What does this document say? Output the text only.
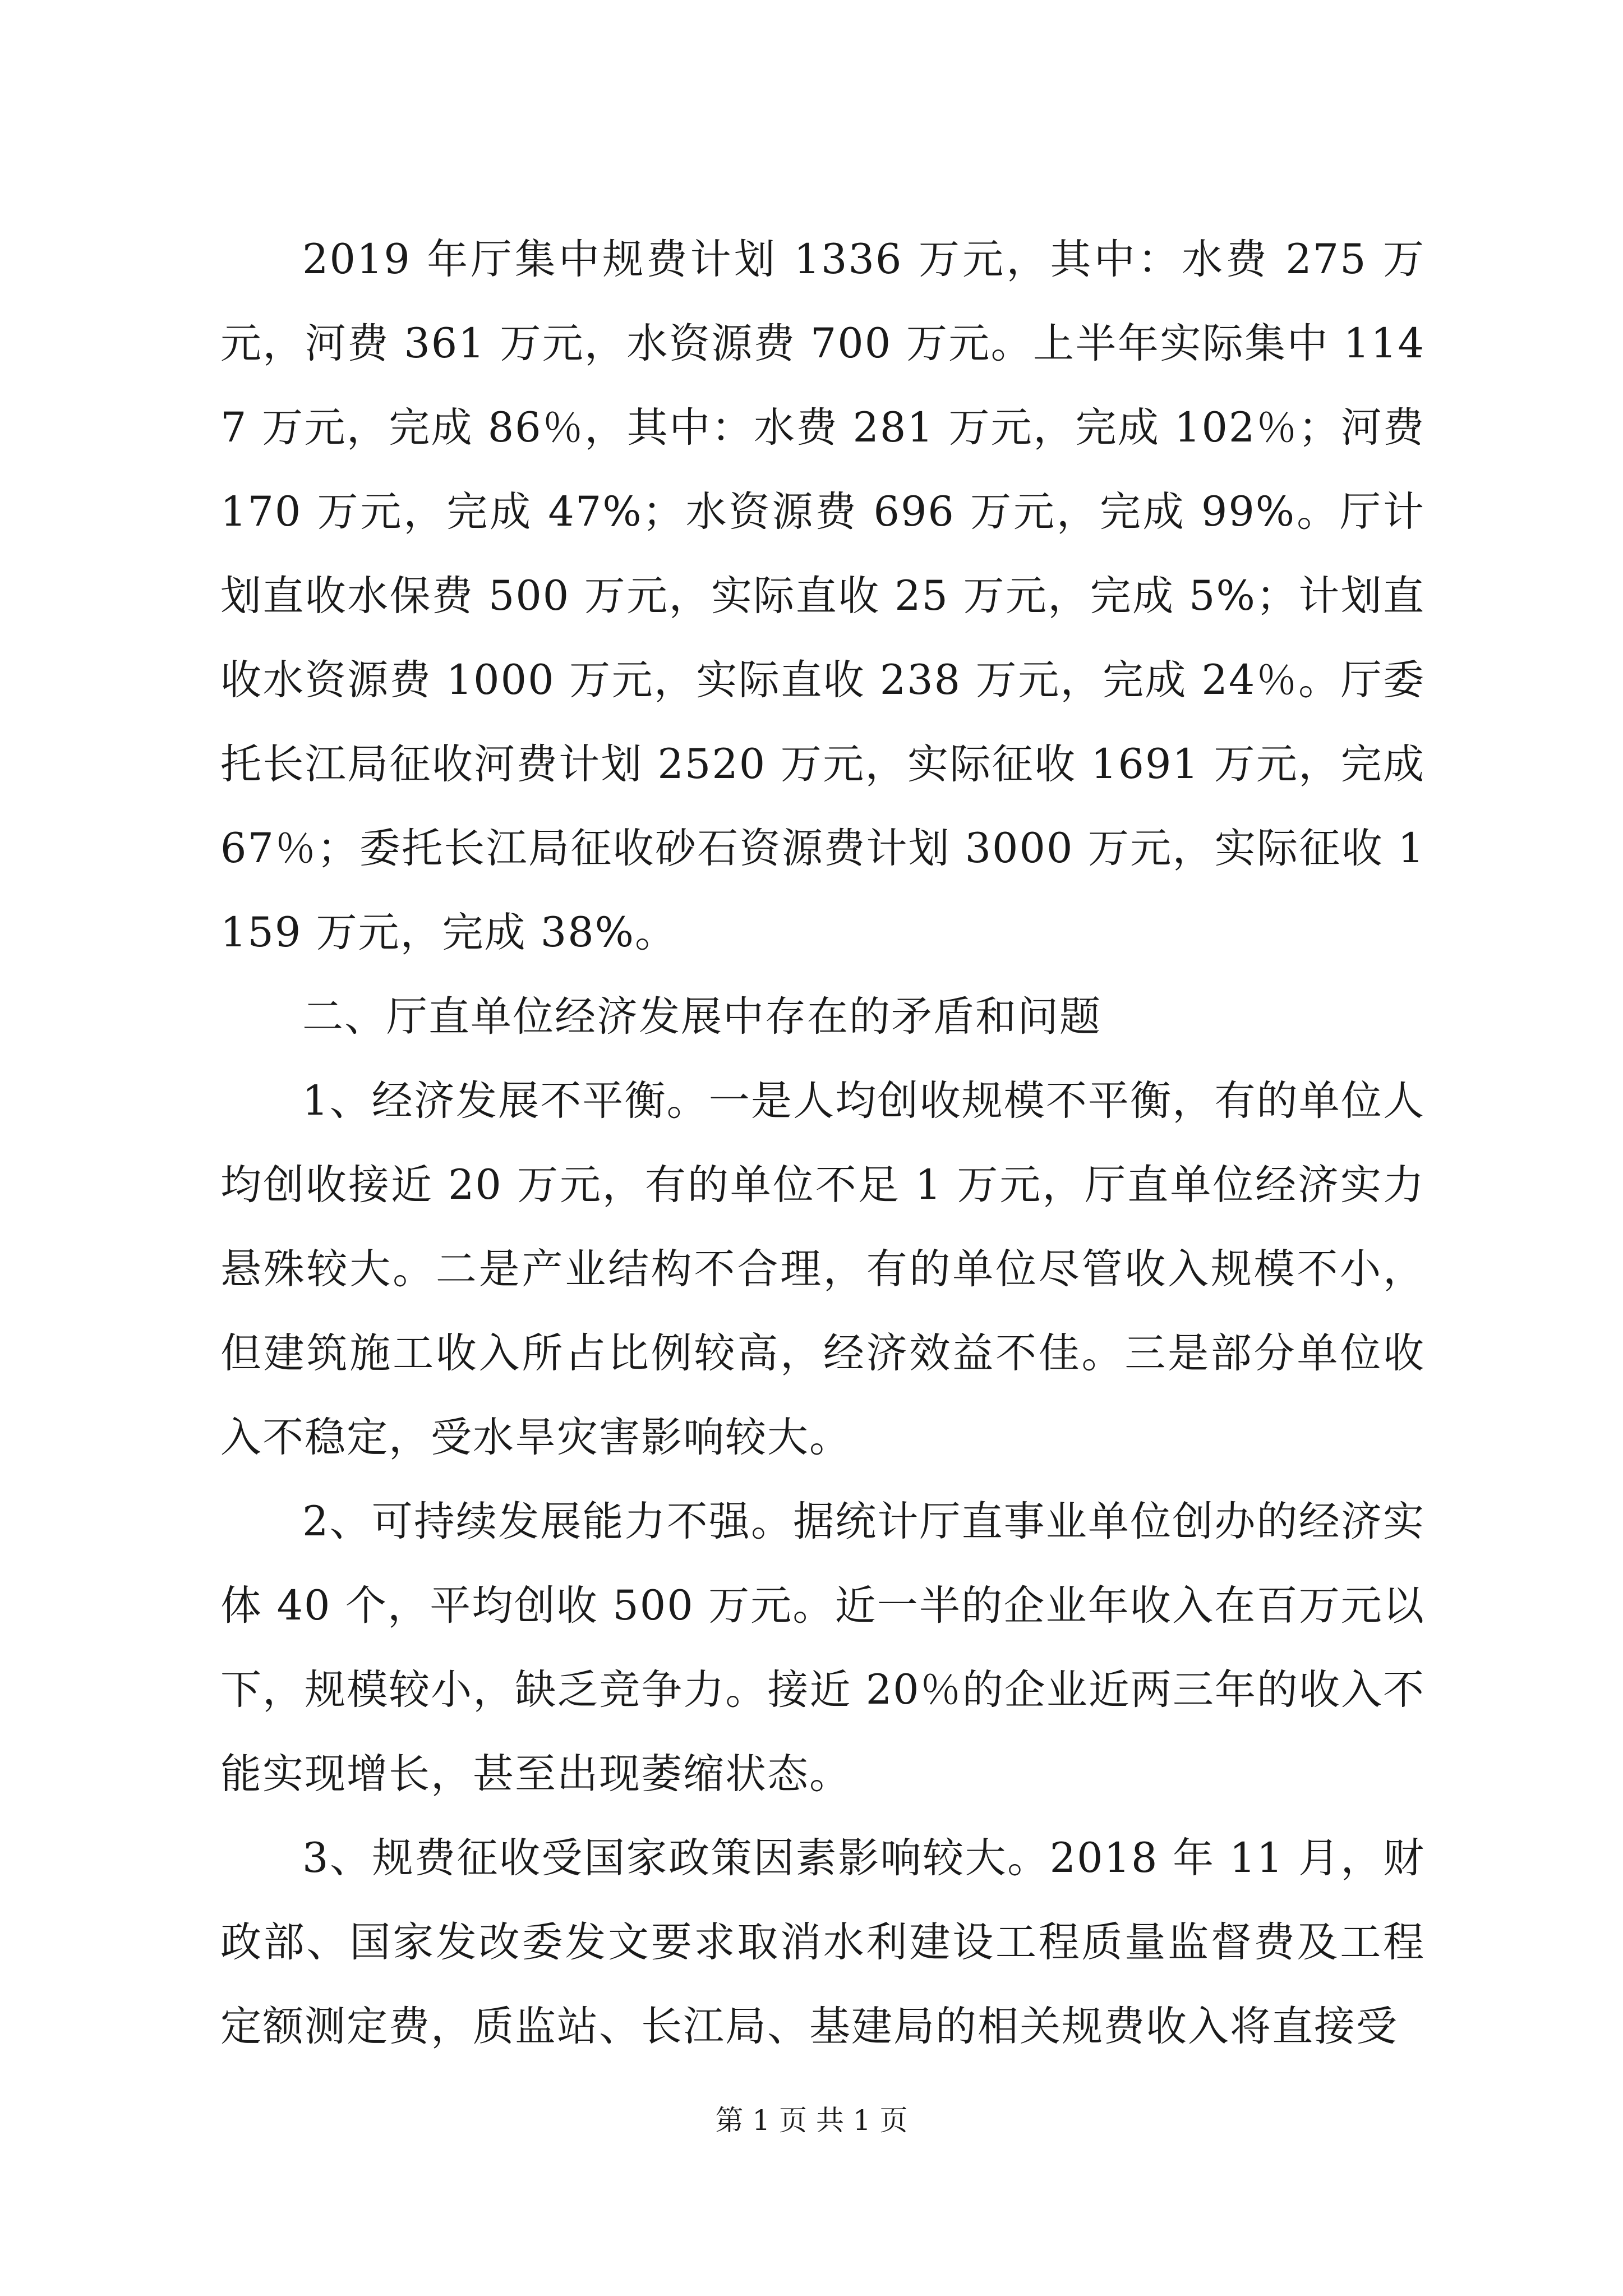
2019 年厅集中规费计划 1336 万元，其中：水费 275 万元，河费 361 万元，水资源费 700 万元。上半年实际集中 1147 万元，完成 86％，其中：水费 281 万元，完成 102％；河费 170 万元，完成 47%；水资源费 696 万元，完成 99%。厅计划直收水保费 500 万元，实际直收 25 万元，完成 5%；计划直收水资源费 1000 万元，实际直收 238 万元，完成 24％。厅委托长江局征收河费计划 2520 万元，实际征收 1691 万元，完成 67％；委托长江局征收砂石资源费计划 3000 万元，实际征收 1159 万元，完成 38%。

二、厅直单位经济发展中存在的矛盾和问题

1、经济发展不平衡。一是人均创收规模不平衡，有的单位人均创收接近 20 万元，有的单位不足 1 万元，厅直单位经济实力悬殊较大。二是产业结构不合理，有的单位尽管收入规模不小，但建筑施工收入所占比例较高，经济效益不佳。三是部分单位收入不稳定，受水旱灾害影响较大。

2、可持续发展能力不强。据统计厅直事业单位创办的经济实体 40 个，平均创收 500 万元。近一半的企业年收入在百万元以下，规模较小，缺乏竞争力。接近 20％的企业近两三年的收入不能实现增长，甚至出现萎缩状态。

3、规费征收受国家政策因素影响较大。2018 年 11 月，财政部、国家发改委发文要求取消水利建设工程质量监督费及工程定额测定费，质监站、长江局、基建局的相关规费收入将直接受

第 1 页 共 1 页
